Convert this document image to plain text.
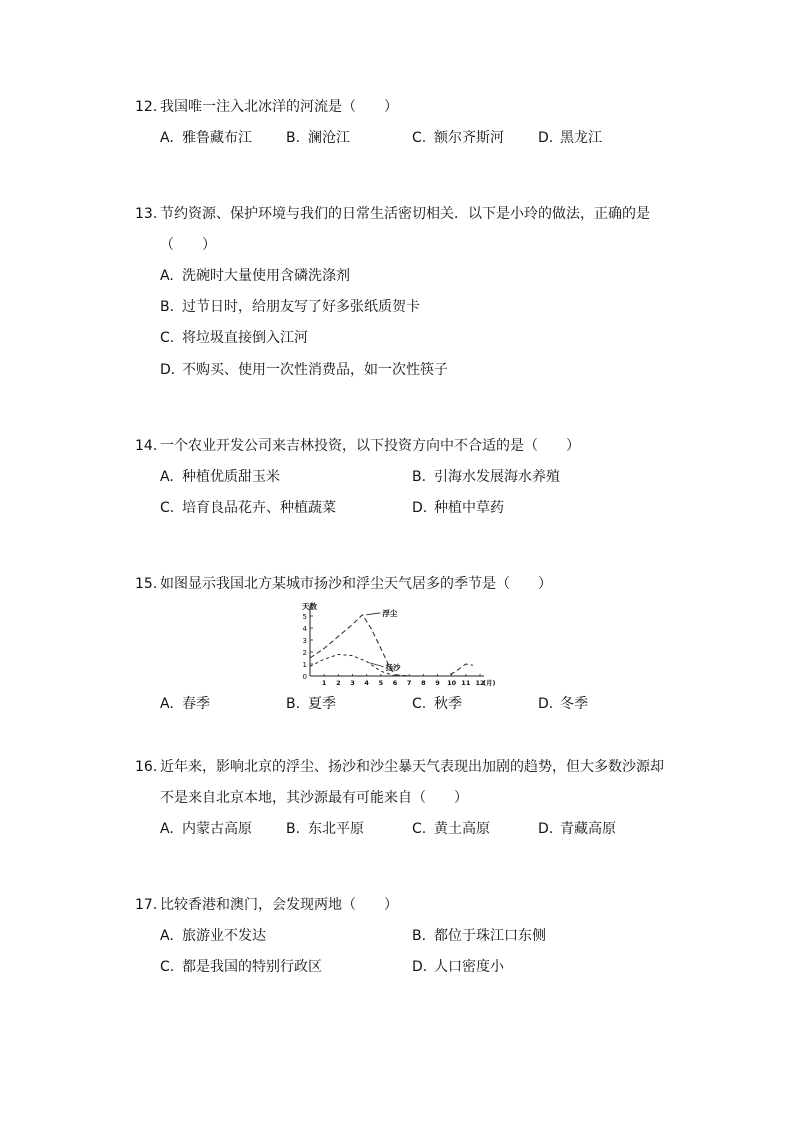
12. 我国唯一注入北冰洋的河流是（　　）
A. 雅鲁藏布江 B. 澜沧江	C. 额尔齐斯河 D. 黑龙江
13. 节约资源、保护环境与我们的日常生活密切相关．以下是小玲的做法，正确的是
（　　）
A. 洗碗时大量使用含磷洗涤剂
B. 过节日时，给朋友写了好多张纸质贺卡
C. 将垃圾直接倒入江河
D. 不购买、使用一次性消费品，如一次性筷子
14. 一个农业开发公司来吉林投资，以下投资方向中不合适的是（　　）
A. 种植优质甜玉米	B. 引海水发展海水养殖
C. 培育良品花卉、种植蔬菜	D. 种植中草药
15. 如图显示我国北方某城市扬沙和浮尘天气居多的季节是（　　）
0
1
2
3
4
5
1 2 3 4 5 6 7 8 9 10 11 12
(月)
天数
浮尘
扬沙
A. 春季	B. 夏季	C. 秋季	D. 冬季
16. 近年来，影响北京的浮尘、扬沙和沙尘暴天气表现出加剧的趋势，但大多数沙源却
不是来自北京本地，其沙源最有可能来自（　　）
A. 内蒙古高原 B. 东北平原	C. 黄土高原	D. 青藏高原
17. 比较香港和澳门，会发现两地（　　）
A. 旅游业不发达	B. 都位于珠江口东侧
C. 都是我国的特别行政区	D. 人口密度小
